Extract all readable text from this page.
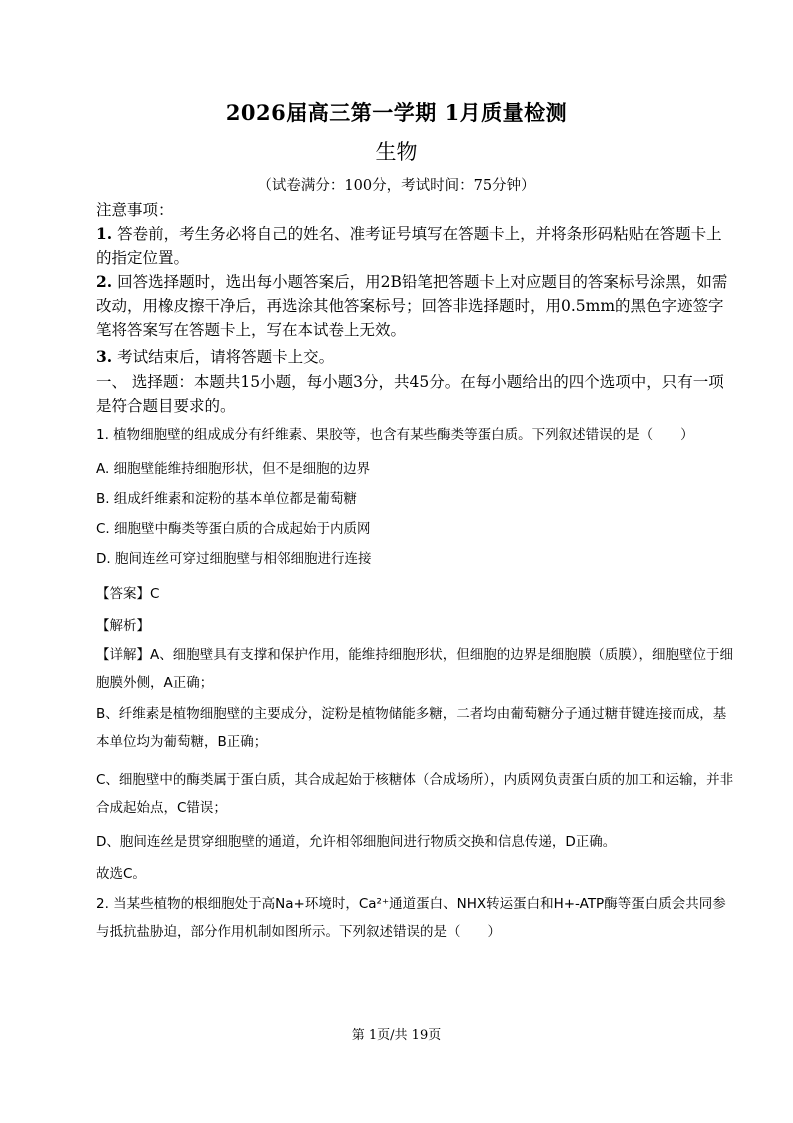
2026届高三第一学期 1月质量检测
生物
（试卷满分：100分，考试时间：75分钟）
注意事项：
1. 答卷前，考生务必将自己的姓名、准考证号填写在答题卡上，并将条形码粘贴在答题卡上的指定位置。
2. 回答选择题时，选出每小题答案后，用2B铅笔把答题卡上对应题目的答案标号涂黑，如需改动，用橡皮擦干净后，再选涂其他答案标号；回答非选择题时，用0.5mm的黑色字迹签字笔将答案写在答题卡上，写在本试卷上无效。
3. 考试结束后，请将答题卡上交。
一、 选择题：本题共15小题，每小题3分，共45分。在每小题给出的四个选项中，只有一项是符合题目要求的。
1. 植物细胞壁的组成成分有纤维素、果胶等，也含有某些酶类等蛋白质。下列叙述错误的是（　　）
A. 细胞壁能维持细胞形状，但不是细胞的边界
B. 组成纤维素和淀粉的基本单位都是葡萄糖
C. 细胞壁中酶类等蛋白质的合成起始于内质网
D. 胞间连丝可穿过细胞壁与相邻细胞进行连接
【答案】C
【解析】
【详解】A、细胞壁具有支撑和保护作用，能维持细胞形状，但细胞的边界是细胞膜（质膜），细胞壁位于细胞膜外侧，A正确；
B、纤维素是植物细胞壁的主要成分，淀粉是植物储能多糖，二者均由葡萄糖分子通过糖苷键连接而成，基本单位均为葡萄糖，B正确；
C、细胞壁中的酶类属于蛋白质，其合成起始于核糖体（合成场所），内质网负责蛋白质的加工和运输，并非合成起始点，C错误；
D、胞间连丝是贯穿细胞壁的通道，允许相邻细胞间进行物质交换和信息传递，D正确。
故选C。
2. 当某些植物的根细胞处于高Na+环境时，Ca²⁺通道蛋白、NHX转运蛋白和H+-ATP酶等蛋白质会共同参与抵抗盐胁迫，部分作用机制如图所示。下列叙述错误的是（　　）
第 1页/共 19页
